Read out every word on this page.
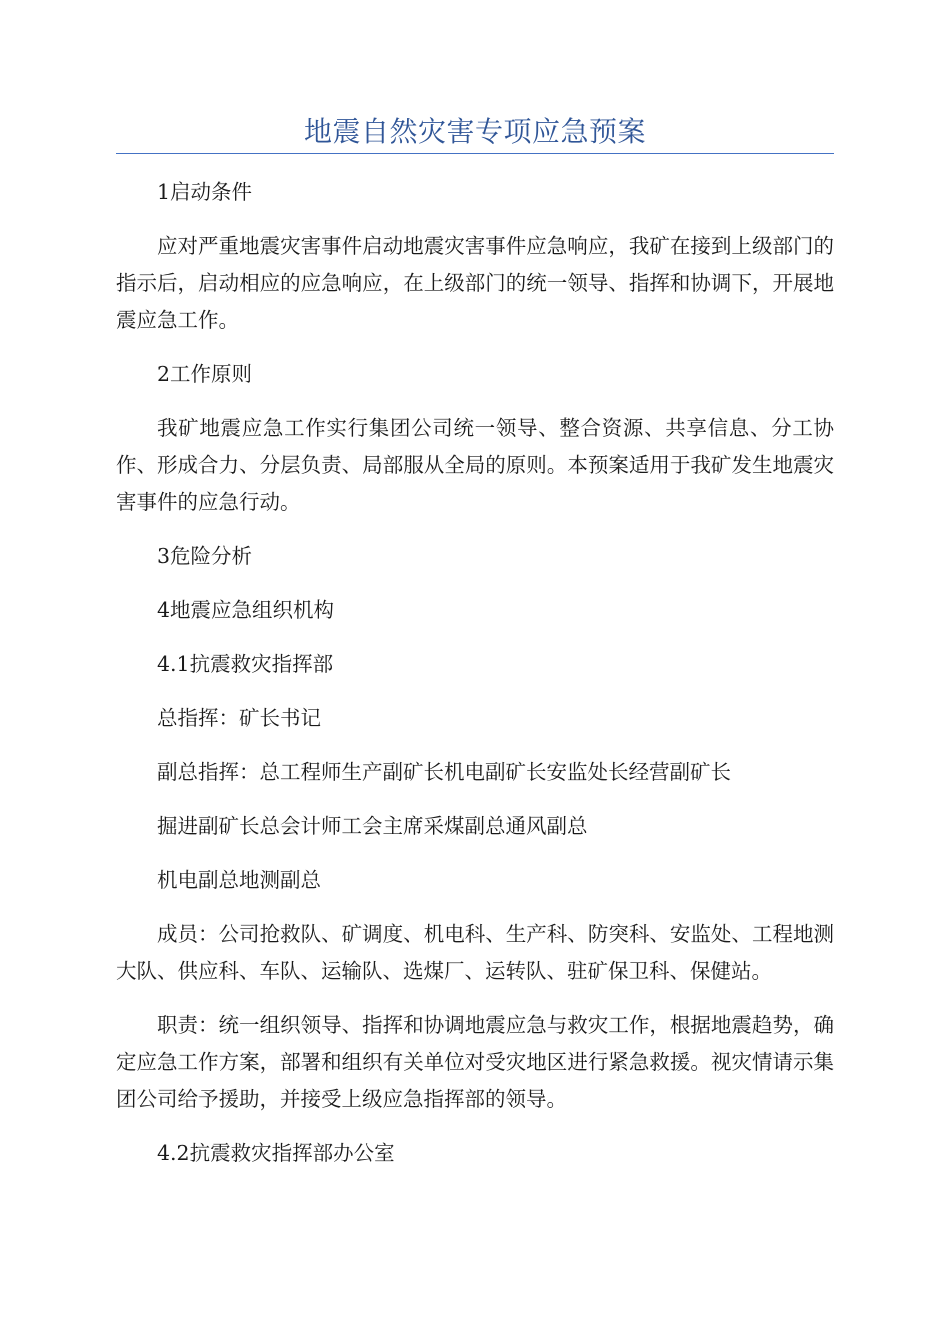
地震自然灾害专项应急预案

1启动条件

应对严重地震灾害事件启动地震灾害事件应急响应，我矿在接到上级部门的指示后，启动相应的应急响应，在上级部门的统一领导、指挥和协调下，开展地震应急工作。

2工作原则

我矿地震应急工作实行集团公司统一领导、整合资源、共享信息、分工协作、形成合力、分层负责、局部服从全局的原则。本预案适用于我矿发生地震灾害事件的应急行动。

3危险分析

4地震应急组织机构

4.1抗震救灾指挥部

总指挥：矿长书记

副总指挥：总工程师生产副矿长机电副矿长安监处长经营副矿长

掘进副矿长总会计师工会主席采煤副总通风副总

机电副总地测副总

成员：公司抢救队、矿调度、机电科、生产科、防突科、安监处、工程地测大队、供应科、车队、运输队、选煤厂、运转队、驻矿保卫科、保健站。

职责：统一组织领导、指挥和协调地震应急与救灾工作，根据地震趋势，确定应急工作方案，部署和组织有关单位对受灾地区进行紧急救援。视灾情请示集团公司给予援助，并接受上级应急指挥部的领导。

4.2抗震救灾指挥部办公室
